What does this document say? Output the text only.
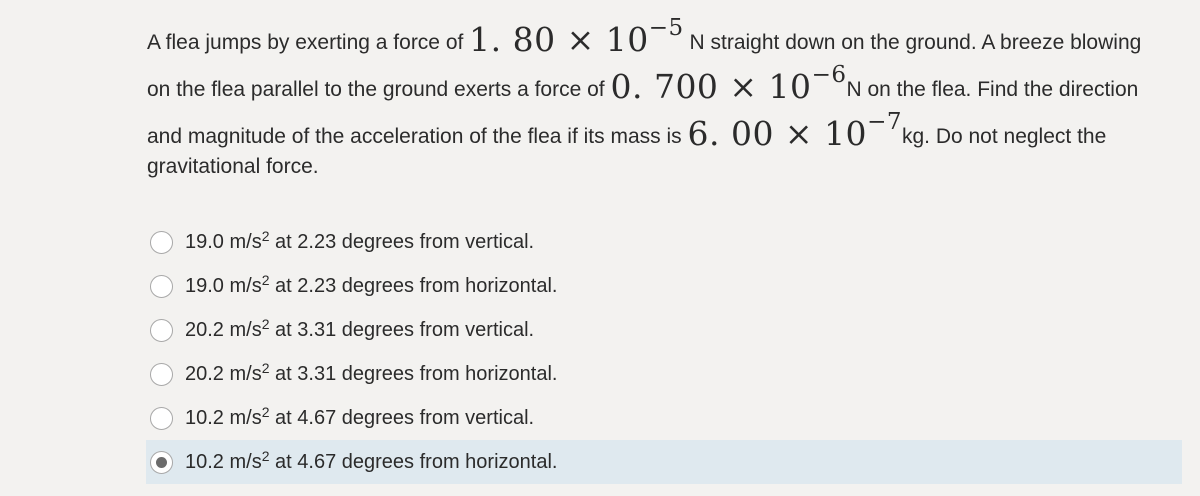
A flea jumps by exerting a force of 1. $80 \times 10^{-5}$ N straight down on the ground. A breeze blowing on the flea parallel to the ground exerts a force of 0. $700 \times 10^{-6}N$ on the flea. Find the direction and magnitude of the acceleration of the flea if its mass is 6. $00 \times 10^{-7}kg$. Do not neglect the
gravitational force.
19.0 $m/s^2$ at 2.23 degrees from vertical.
19.0 $m/s^2$ at 2.23 degrees from horizontal.
20.2 $m/s^2$ at 3.31 degrees from vertical.
20.2 $m/s^2$ at 3.31 degrees from horizontal.
10.2 $m/s^2$ at 4.67 degrees from vertical.
10.2 $m/s^2$ at 4.67 degrees from horizontal.
